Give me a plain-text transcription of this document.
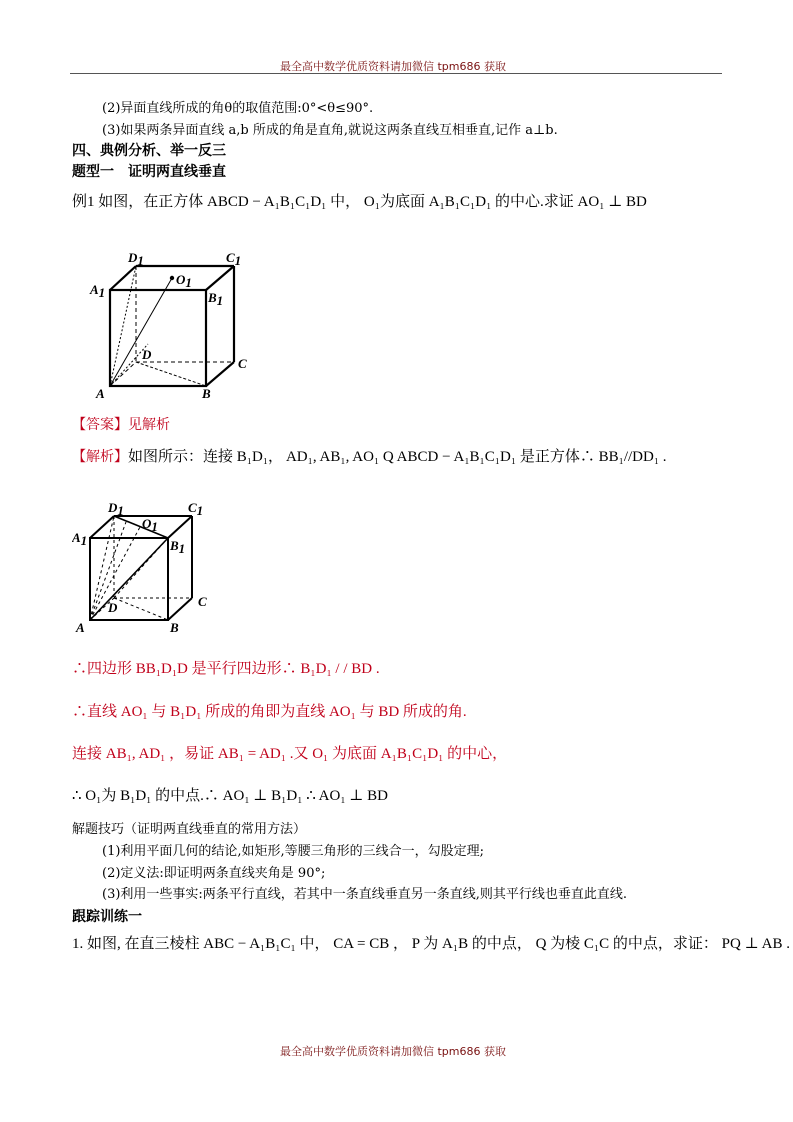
最全高中数学优质资料请加微信 tpm686 获取
(2)异面直线所成的角θ的取值范围:0°<θ≤90°.
(3)如果两条异面直线 a,b 所成的角是直角,就说这两条直线互相垂直,记作 a⊥b.
四、典例分析、举一反三
题型一　证明两直线垂直
例1 如图，在正方体 ABCD − A₁B₁C₁D₁ 中， O₁为底面 A₁B₁C₁D₁ 的中心.求证 AO₁ ⊥ BD
A1
D1	C1
B1
O1
D
C
A	B
【答案】见解析
【解析】如图所示：连接 B₁D₁， AD₁, AB₁, AO₁ Q ABCD − A₁B₁C₁D₁ 是正方体∴ BB₁//DD₁ .
A1
D1	C1
B1
O1
D	C
A	B
∴四边形 BB₁D₁D 是平行四边形∴ B₁D₁ / / BD .
∴直线 AO₁ 与 B₁D₁ 所成的角即为直线 AO₁ 与 BD 所成的角.
连接 AB₁, AD₁ ，易证 AB₁ = AD₁ .又 O₁ 为底面 A₁B₁C₁D₁ 的中心，
∴ O₁为 B₁D₁ 的中点.∴ AO₁ ⊥ B₁D₁ ∴ AO₁ ⊥ BD
解题技巧（证明两直线垂直的常用方法）
(1)利用平面几何的结论,如矩形,等腰三角形的三线合一，勾股定理;
(2)定义法:即证明两条直线夹角是 90°;
(3)利用一些事实:两条平行直线，若其中一条直线垂直另一条直线,则其平行线也垂直此直线.
跟踪训练一
1. 如图, 在直三棱柱 ABC − A₁B₁C₁ 中， CA = CB ， P 为 A₁B 的中点， Q 为棱 C₁C 的中点，求证： PQ ⊥ AB .
最全高中数学优质资料请加微信 tpm686 获取
